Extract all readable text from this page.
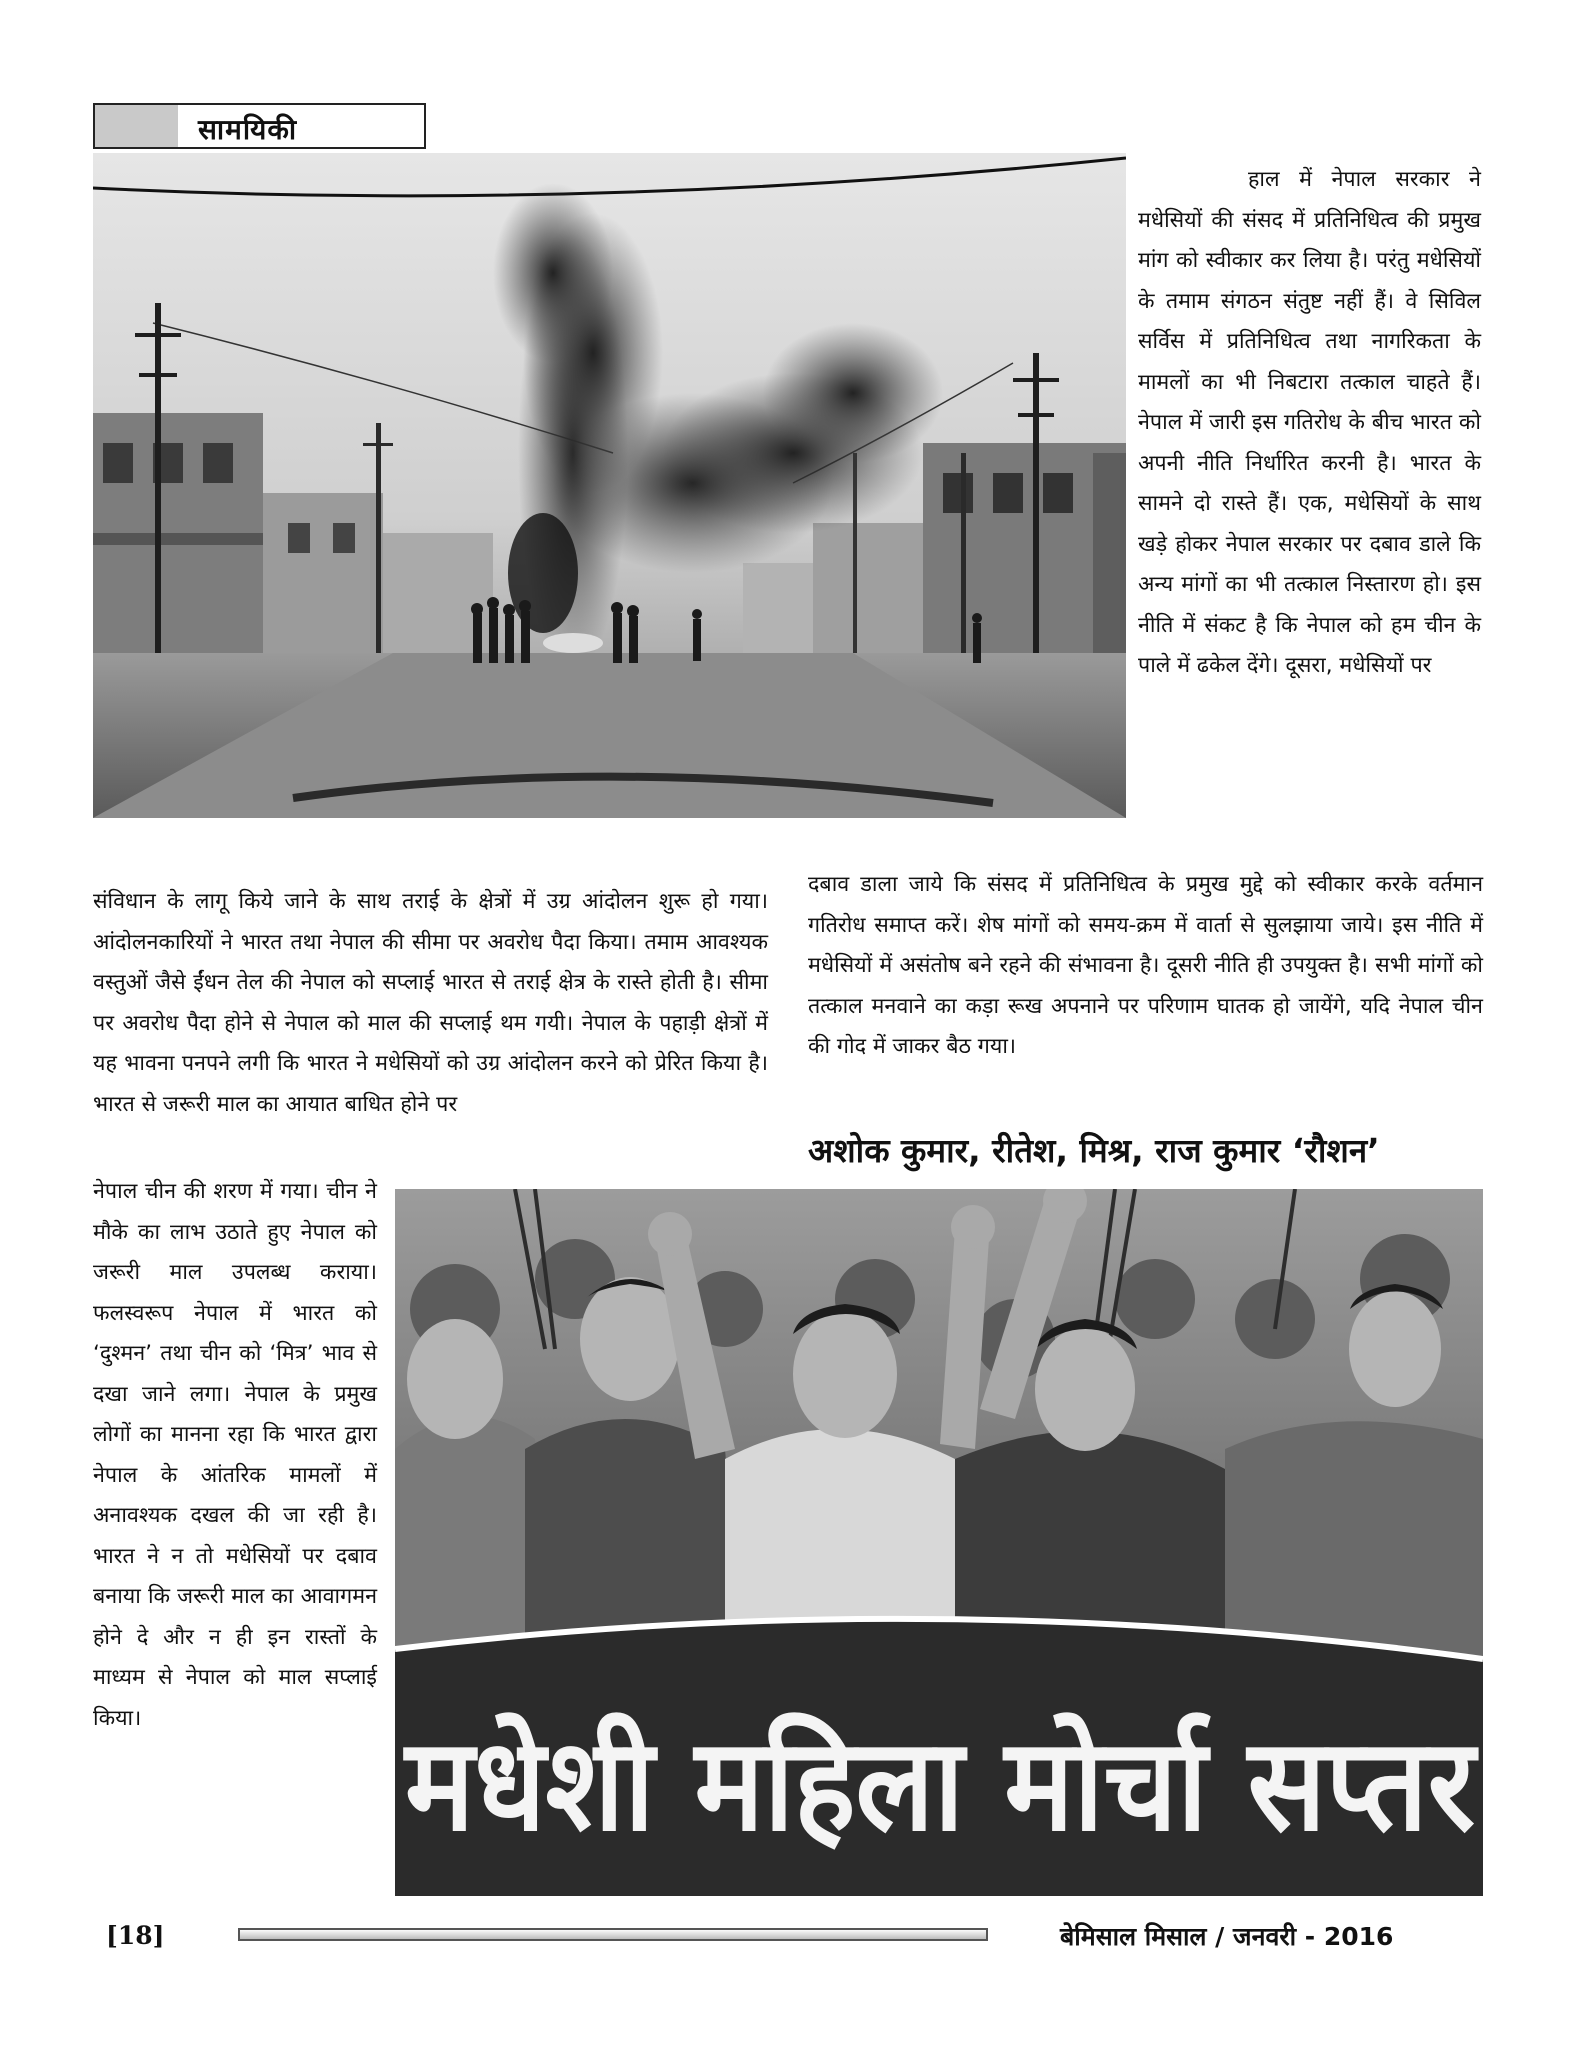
सामयिकी
हाल में नेपाल सरकार ने मधेसियों की संसद में प्रतिनिधित्व की प्रमुख मांग को स्वीकार कर लिया है। परंतु मधेसियों के तमाम संगठन संतुष्ट नहीं हैं। वे सिविल सर्विस में प्रतिनिधित्व तथा नागरिकता के मामलों का भी निबटारा तत्काल चाहते हैं। नेपाल में जारी इस गतिरोध के बीच भारत को अपनी नीति निर्धारित करनी है। भारत के सामने दो रास्ते हैं। एक, मधेसियों के साथ खड़े होकर नेपाल सरकार पर दबाव डाले कि अन्य मांगों का भी तत्काल निस्तारण हो। इस नीति में संकट है कि नेपाल को हम चीन के पाले में ढकेल देंगे। दूसरा, मधेसियों पर
दबाव डाला जाये कि संसद में प्रतिनिधित्व के प्रमुख मुद्दे को स्वीकार करके वर्तमान गतिरोध समाप्त करें। शेष मांगों को समय-क्रम में वार्ता से सुलझाया जाये। इस नीति में मधेसियों में असंतोष बने रहने की संभावना है। दूसरी नीति ही उपयुक्त है। सभी मांगों को तत्काल मनवाने का कड़ा रूख अपनाने पर परिणाम घातक हो जायेंगे, यदि नेपाल चीन की गोद में जाकर बैठ गया।
संविधान के लागू किये जाने के साथ तराई के क्षेत्रों में उग्र आंदोलन शुरू हो गया। आंदोलनकारियों ने भारत तथा नेपाल की सीमा पर अवरोध पैदा किया। तमाम आवश्यक वस्तुओं जैसे ईंधन तेल की नेपाल को सप्लाई भारत से तराई क्षेत्र के रास्ते होती है। सीमा पर अवरोध पैदा होने से नेपाल को माल की सप्लाई थम गयी। नेपाल के पहाड़ी क्षेत्रों में यह भावना पनपने लगी कि भारत ने मधेसियों को उग्र आंदोलन करने को प्रेरित किया है। भारत से जरूरी माल का आयात बाधित होने पर
अशोक कुमार, रीतेश, मिश्र, राज कुमार ‘रौशन’
नेपाल चीन की शरण में गया। चीन ने मौके का लाभ उठाते हुए नेपाल को जरूरी माल उपलब्ध कराया। फलस्वरूप नेपाल में भारत को ‘दुश्मन’ तथा चीन को ‘मित्र’ भाव से दखा जाने लगा। नेपाल के प्रमुख लोगों का मानना रहा कि भारत द्वारा नेपाल के आंतरिक मामलों में अनावश्यक दखल की जा रही है। भारत ने न तो मधेसियों पर दबाव बनाया कि जरूरी माल का आवागमन होने दे और न ही इन रास्तों के माध्यम से नेपाल को माल सप्लाई किया।	मधेशी महिला मोर्चा सप्तर
[18]	बेमिसाल मिसाल / जनवरी - 2016
